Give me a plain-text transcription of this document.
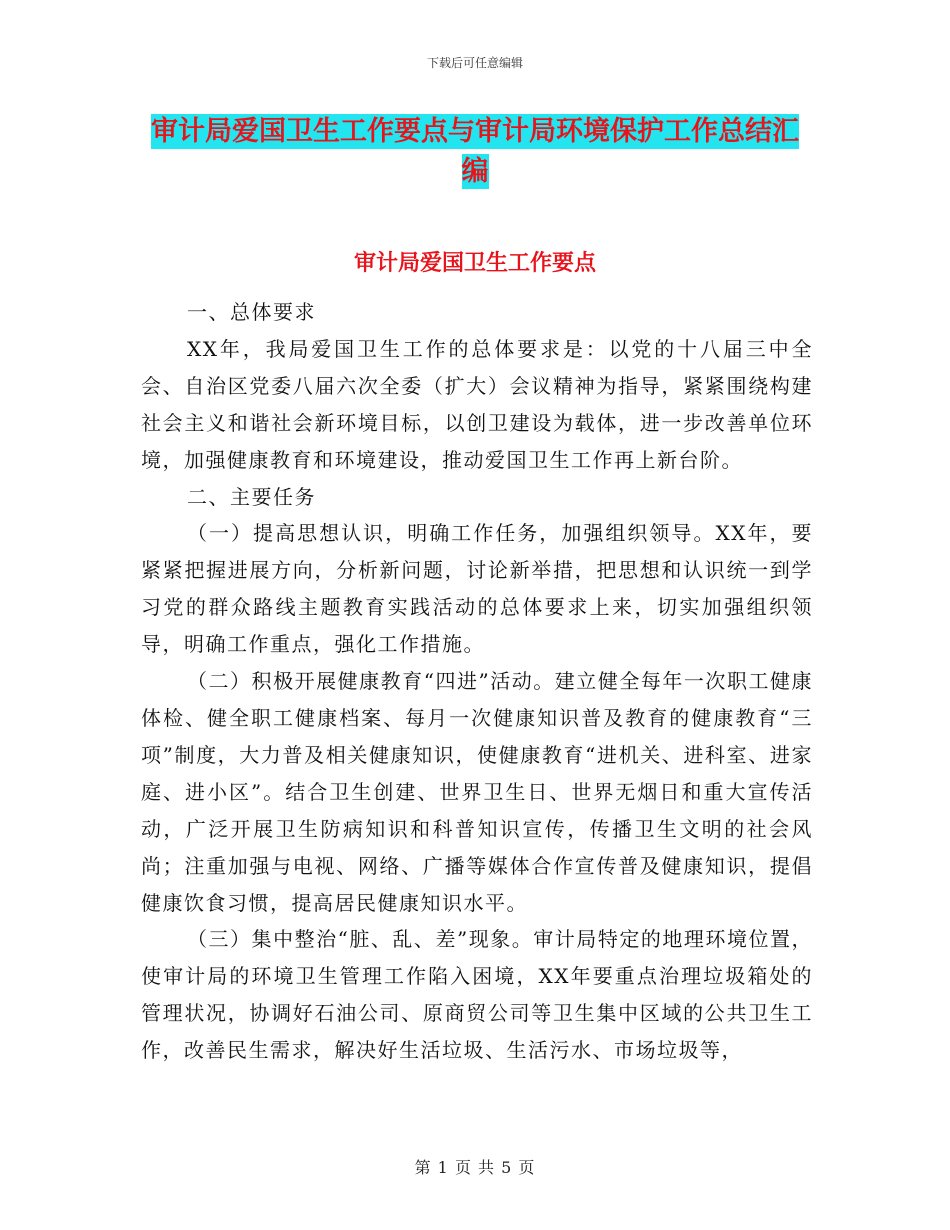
下载后可任意编辑
审计局爱国卫生工作要点与审计局环境保护工作总结汇编
审计局爱国卫生工作要点

一、总体要求

XX年，我局爱国卫生工作的总体要求是：以党的十八届三中全会、自治区党委八届六次全委（扩大）会议精神为指导，紧紧围绕构建社会主义和谐社会新环境目标，以创卫建设为载体，进一步改善单位环境，加强健康教育和环境建设，推动爱国卫生工作再上新台阶。

二、主要任务

（一）提高思想认识，明确工作任务，加强组织领导。XX年，要紧紧把握进展方向，分析新问题，讨论新举措，把思想和认识统一到学习党的群众路线主题教育实践活动的总体要求上来，切实加强组织领导，明确工作重点，强化工作措施。

（二）积极开展健康教育“四进”活动。建立健全每年一次职工健康体检、健全职工健康档案、每月一次健康知识普及教育的健康教育“三项”制度，大力普及相关健康知识，使健康教育“进机关、进科室、进家庭、进小区”。结合卫生创建、世界卫生日、世界无烟日和重大宣传活动，广泛开展卫生防病知识和科普知识宣传，传播卫生文明的社会风尚；注重加强与电视、网络、广播等媒体合作宣传普及健康知识，提倡健康饮食习惯，提高居民健康知识水平。

（三）集中整治“脏、乱、差”现象。审计局特定的地理环境位置，使审计局的环境卫生管理工作陷入困境，XX年要重点治理垃圾箱处的管理状况，协调好石油公司、原商贸公司等卫生集中区域的公共卫生工作，改善民生需求，解决好生活垃圾、生活污水、市场垃圾等，

第 1 页 共 5 页
